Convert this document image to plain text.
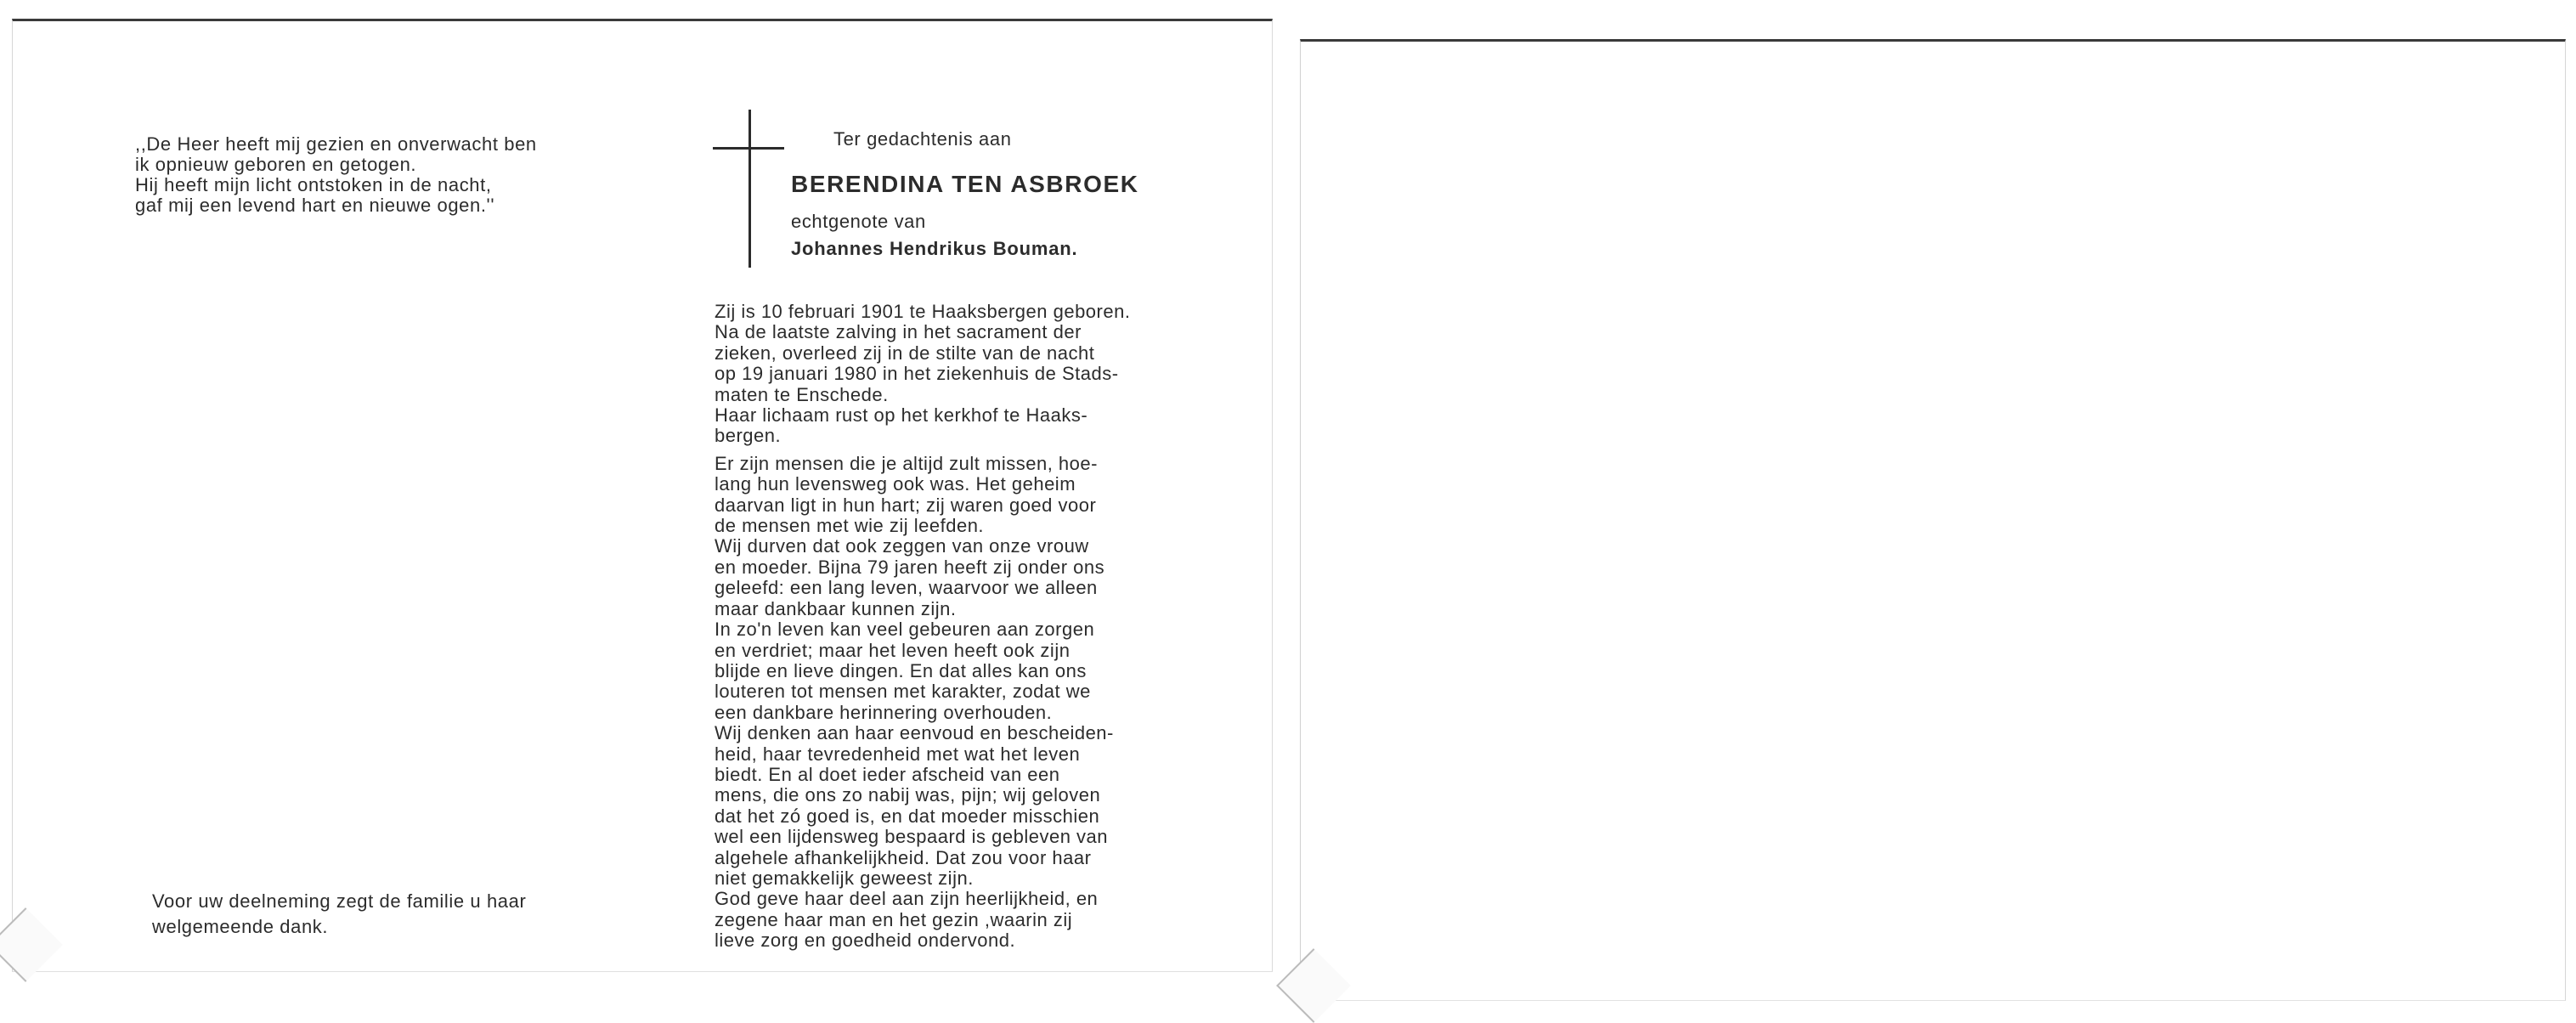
,,De Heer heeft mij gezien en onverwacht ben
ik opnieuw geboren en getogen.
Hij heeft mijn licht ontstoken in de nacht,
gaf mij een levend hart en nieuwe ogen.''
Ter gedachtenis aan
BERENDINA TEN ASBROEK
echtgenote van
Johannes Hendrikus Bouman.
Zij is 10 februari 1901 te Haaksbergen geboren.
Na de laatste zalving in het sacrament der
zieken, overleed zij in de stilte van de nacht
op 19 januari 1980 in het ziekenhuis de Stads-
maten te Enschede.
Haar lichaam rust op het kerkhof te Haaks-
bergen.
Er zijn mensen die je altijd zult missen, hoe-
lang hun levensweg ook was. Het geheim
daarvan ligt in hun hart; zij waren goed voor
de mensen met wie zij leefden.
Wij durven dat ook zeggen van onze vrouw
en moeder. Bijna 79 jaren heeft zij onder ons
geleefd: een lang leven, waarvoor we alleen
maar dankbaar kunnen zijn.
In zo'n leven kan veel gebeuren aan zorgen
en verdriet; maar het leven heeft ook zijn
blijde en lieve dingen. En dat alles kan ons
louteren tot mensen met karakter, zodat we
een dankbare herinnering overhouden.
Wij denken aan haar eenvoud en bescheiden-
heid, haar tevredenheid met wat het leven
biedt. En al doet ieder afscheid van een
mens, die ons zo nabij was, pijn; wij geloven
dat het zó goed is, en dat moeder misschien
wel een lijdensweg bespaard is gebleven van
algehele afhankelijkheid. Dat zou voor haar
niet gemakkelijk geweest zijn.
God geve haar deel aan zijn heerlijkheid, en
zegene haar man en het gezin ,waarin zij
lieve zorg en goedheid ondervond.
Voor uw deelneming zegt de familie u haar
welgemeende dank.
